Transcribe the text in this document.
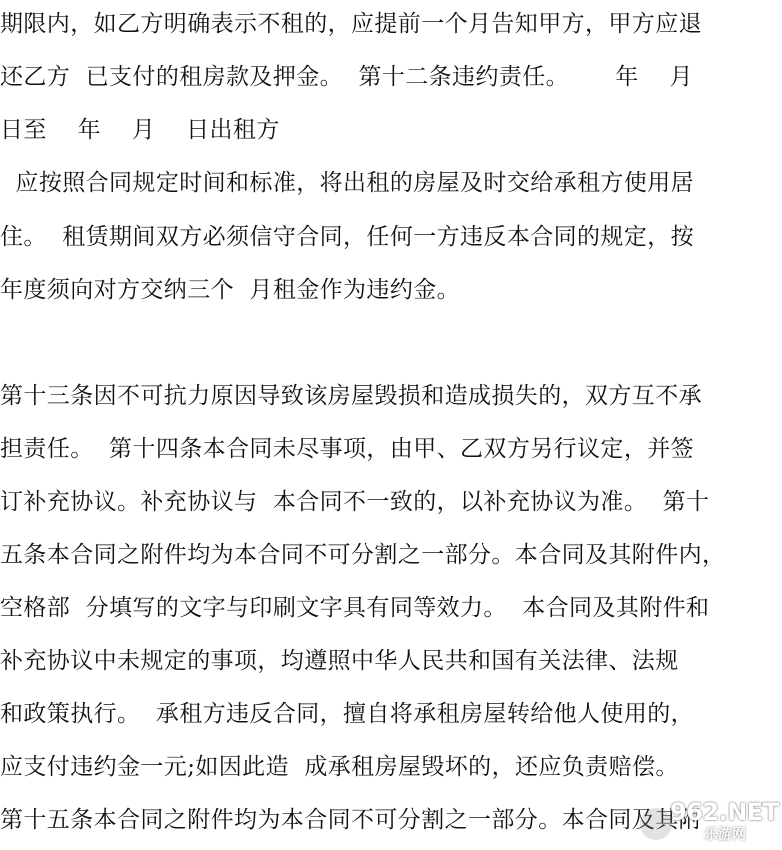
期限内，如乙方明确表示不租的，应提前一个月告知甲方，甲方应退
还乙方  已支付的租房款及押金。  第十二条违约责任。      年    月
日至    年    月    日出租方
应按照合同规定时间和标准，将出租的房屋及时交给承租方使用居
住。  租赁期间双方必须信守合同，任何一方违反本合同的规定，按
年度须向对方交纳三个  月租金作为违约金。
第十三条因不可抗力原因导致该房屋毁损和造成损失的，双方互不承
担责任。  第十四条本合同未尽事项，由甲、乙双方另行议定，并签
订补充协议。补充协议与  本合同不一致的，以补充协议为准。  第十
五条本合同之附件均为本合同不可分割之一部分。本合同及其附件内，
空格部  分填写的文字与印刷文字具有同等效力。  本合同及其附件和
补充协议中未规定的事项，均遵照中华人民共和国有关法律、法规
和政策执行。  承租方违反合同，擅自将承租房屋转给他人使用的，
应支付违约金一元;如因此造  成承租房屋毁坏的，还应负责赔偿。
第十五条本合同之附件均为本合同不可分割之一部分。本合同及其附
962.NET
乐游网
